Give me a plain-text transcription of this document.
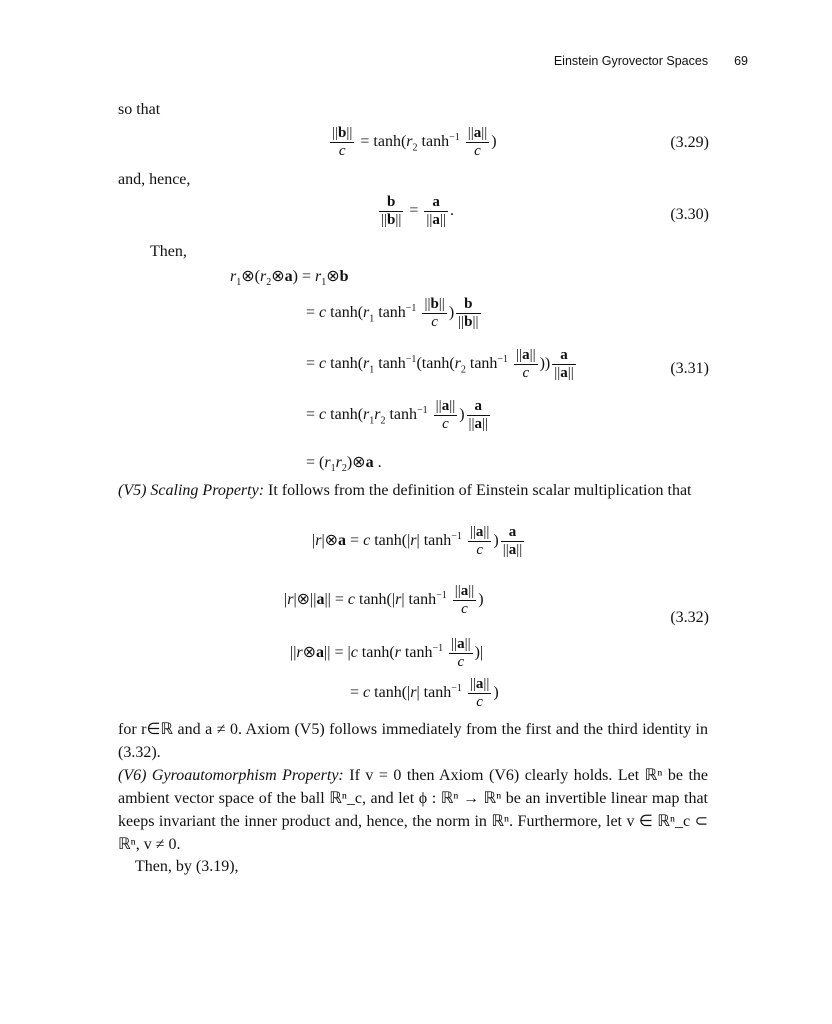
Einstein Gyrovector Spaces 69
so that
$\frac{||b||}{c} = \tanh(r_2$ $\tanh^{-1} \frac{||a||}{c}$ )	(3.29)
and, hence,
$\frac{b}{||b||} = \frac{a}{||a||}$ .	(3.30)
Then,
$r_1\otimes(r_2\otimes a)$ = $r_1\otimes b$
= c $\tanh(r_1$ $\tanh^{-1} \frac{||b||}{c}$ ) $\frac{b}{||b||}$
= c $\tanh(r_1$ $\tanh^{-1}(\tanh(r_2$ $\tanh^{-1} \frac{||a||}{c}$ )) $\frac{a}{||a||}$	(3.31)
= c $\tanh(r_1r_2$ $\tanh^{-1} \frac{||a||}{c}$ ) $\frac{a}{||a||}$
= $(r_1r_2)\otimes a$ .
(V5) Scaling Property: It follows from the definition of Einstein scalar multiplication that
|r|⊗a = c tanh(|r| $\tanh^{-1} \frac{||a||}{c}$ ) $\frac{a}{||a||}$
|r|⊗||a|| = c tanh(|r| $\tanh^{-1} \frac{||a||}{c}$ )
(3.32)
||r⊗a|| = |c tanh(r $\tanh^{-1} \frac{||a||}{c}$ )|
= c tanh(|r| $\tanh^{-1} \frac{||a||}{c}$ )
for r∈ℝ and a ≠ 0. Axiom (V5) follows immediately from the first and the third identity in (3.32).
(V6) Gyroautomorphism Property: If v = 0 then Axiom (V6) clearly holds. Let ℝⁿ be the ambient vector space of the ball ℝⁿ_c, and let ϕ : ℝⁿ → ℝⁿ be an invertible linear map that keeps invariant the inner product and, hence, the norm in ℝⁿ. Furthermore, let v ∈ ℝⁿ_c ⊂ ℝⁿ, v ≠ 0.
Then, by (3.19),
